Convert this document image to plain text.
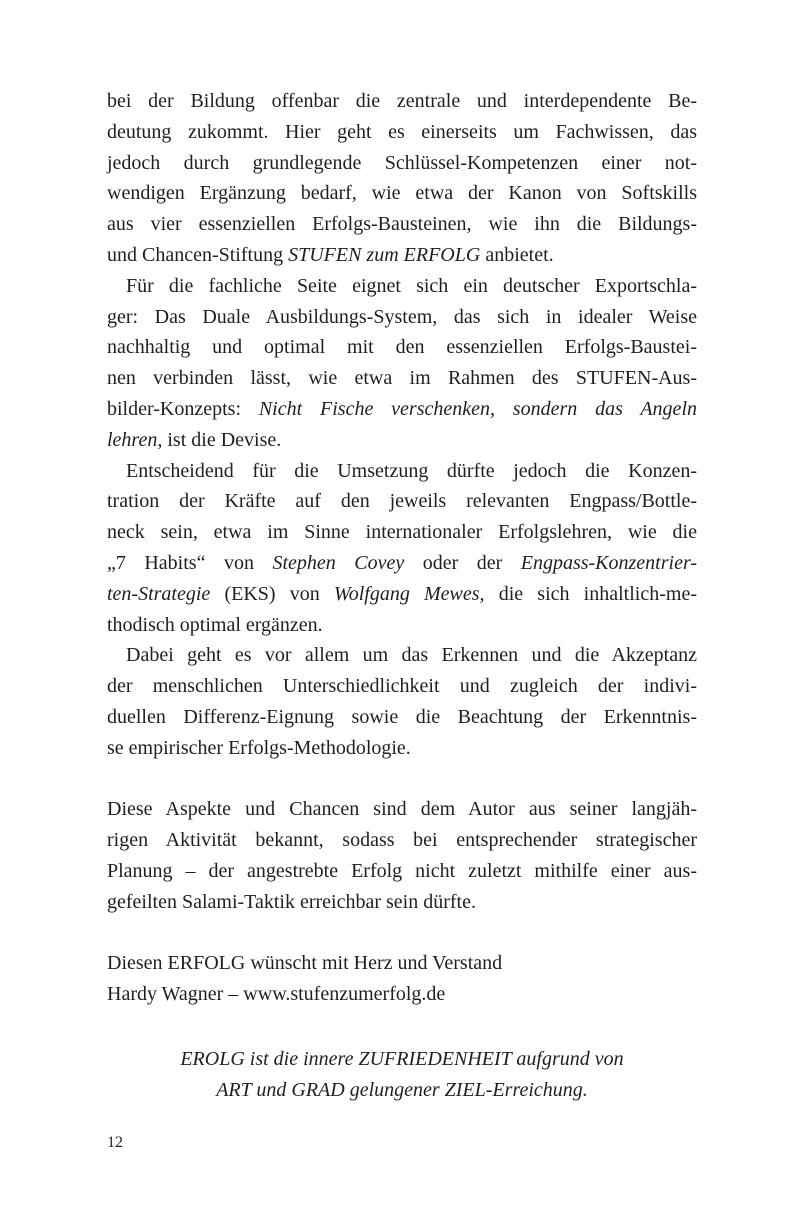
bei der Bildung offenbar die zentrale und interdependente Be-
deutung zukommt. Hier geht es einerseits um Fachwissen, das
jedoch durch grundlegende Schlüssel-Kompetenzen einer not-
wendigen Ergänzung bedarf, wie etwa der Kanon von Softskills
aus vier essenziellen Erfolgs-Bausteinen, wie ihn die Bildungs-
und Chancen-Stiftung STUFEN zum ERFOLG anbietet.
Für die fachliche Seite eignet sich ein deutscher Exportschla-
ger: Das Duale Ausbildungs-System, das sich in idealer Weise
nachhaltig und optimal mit den essenziellen Erfolgs-Baustei-
nen verbinden lässt, wie etwa im Rahmen des STUFEN-Aus-
bilder-Konzepts: Nicht Fische verschenken, sondern das Angeln
lehren, ist die Devise.
Entscheidend für die Umsetzung dürfte jedoch die Konzen-
tration der Kräfte auf den jeweils relevanten Engpass/Bottle-
neck sein, etwa im Sinne internationaler Erfolgslehren, wie die
„7 Habits“ von Stephen Covey oder der Engpass-Konzentrier-
ten-Strategie (EKS) von Wolfgang Mewes, die sich inhaltlich-me-
thodisch optimal ergänzen.
Dabei geht es vor allem um das Erkennen und die Akzeptanz
der menschlichen Unterschiedlichkeit und zugleich der indivi-
duellen Differenz-Eignung sowie die Beachtung der Erkenntnis-
se empirischer Erfolgs-Methodologie.
Diese Aspekte und Chancen sind dem Autor aus seiner langjäh-
rigen Aktivität bekannt, sodass bei entsprechender strategischer
Planung – der angestrebte Erfolg nicht zuletzt mithilfe einer aus-
gefeilten Salami-Taktik erreichbar sein dürfte.
Diesen ERFOLG wünscht mit Herz und Verstand
Hardy Wagner – www.stufenzumerfolg.de
EROLG ist die innere ZUFRIEDENHEIT aufgrund von
ART und GRAD gelungener ZIEL-Erreichung.
12
